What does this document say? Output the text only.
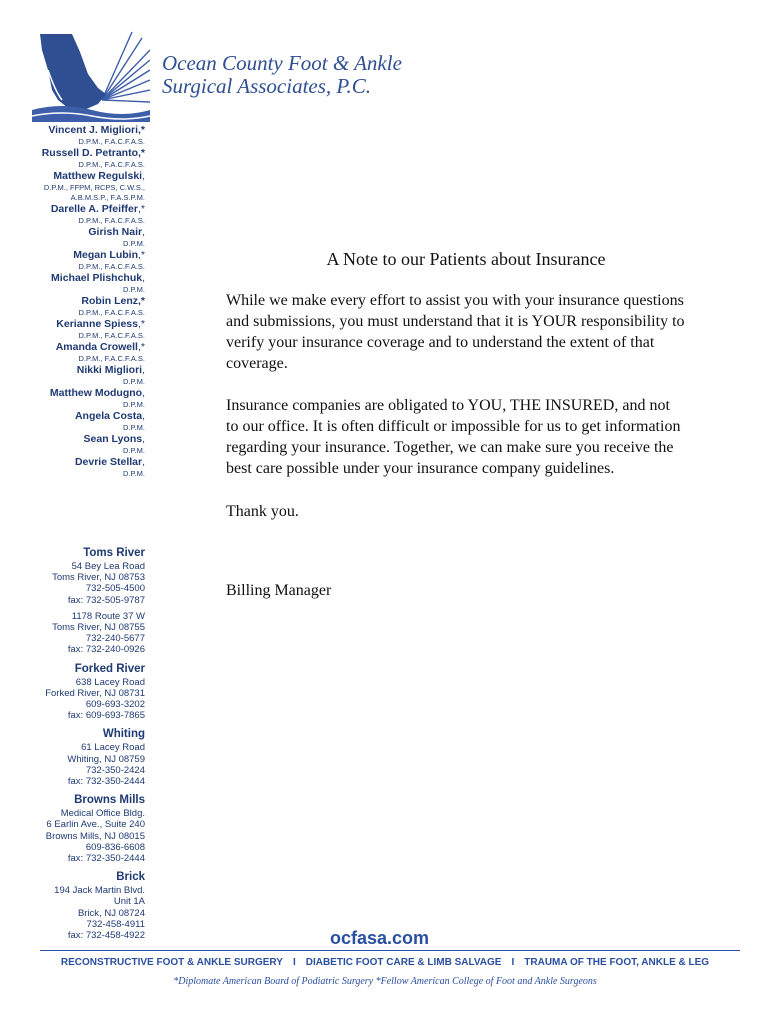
Ocean County Foot & Ankle
Surgical Associates, P.C.
Vincent J. Migliori,*
D.P.M., F.A.C.F.A.S.
Russell D. Petranto,*
D.P.M., F.A.C.F.A.S.
Matthew Regulski,
D.P.M., FFPM, RCPS, C.W.S.,
A.B.M.S.P., F.A.S.P.M.
Darelle A. Pfeiffer,*
D.P.M., F.A.C.F.A.S.
Girish Nair,
D.P.M.
Megan Lubin,*
D.P.M., F.A.C.F.A.S.
Michael Plishchuk,
D.P.M.
Robin Lenz,*
D.P.M., F.A.C.F.A.S.
Kerianne Spiess,*
D.P.M., F.A.C.F.A.S.
Amanda Crowell,*
D.P.M., F.A.C.F.A.S.
Nikki Migliori,
D.P.M.
Matthew Modugno,
D.P.M.
Angela Costa,
D.P.M.
Sean Lyons,
D.P.M.
Devrie Stellar,
D.P.M.
Toms River
54 Bey Lea Road
Toms River, NJ 08753
732-505-4500
fax: 732-505-9787
1178 Route 37 W
Toms River, NJ 08755
732-240-5677
fax: 732-240-0926
Forked River
638 Lacey Road
Forked River, NJ 08731
609-693-3202
fax: 609-693-7865
Whiting
61 Lacey Road
Whiting, NJ 08759
732-350-2424
fax: 732-350-2444
Browns Mills
Medical Office Bldg.
6 Earlin Ave., Suite 240
Browns Mills, NJ 08015
609-836-6608
fax: 732-350-2444
Brick
194 Jack Martin Blvd.
Unit 1A
Brick, NJ 08724
732-458-4911
fax: 732-458-4922
A Note to our Patients about Insurance

While we make every effort to assist you with your insurance questions and submissions, you must understand that it is YOUR responsibility to verify your insurance coverage and to understand the extent of that coverage.

Insurance companies are obligated to YOU, THE INSURED, and not to our office. It is often difficult or impossible for us to get information regarding your insurance. Together, we can make sure you receive the best care possible under your insurance company guidelines.

Thank you.

Billing Manager

ocfasa.com
RECONSTRUCTIVE FOOT & ANKLE SURGERY I DIABETIC FOOT CARE & LIMB SALVAGE I TRAUMA OF THE FOOT, ANKLE & LEG
*Diplomate American Board of Podiatric Surgery *Fellow American College of Foot and Ankle Surgeons
